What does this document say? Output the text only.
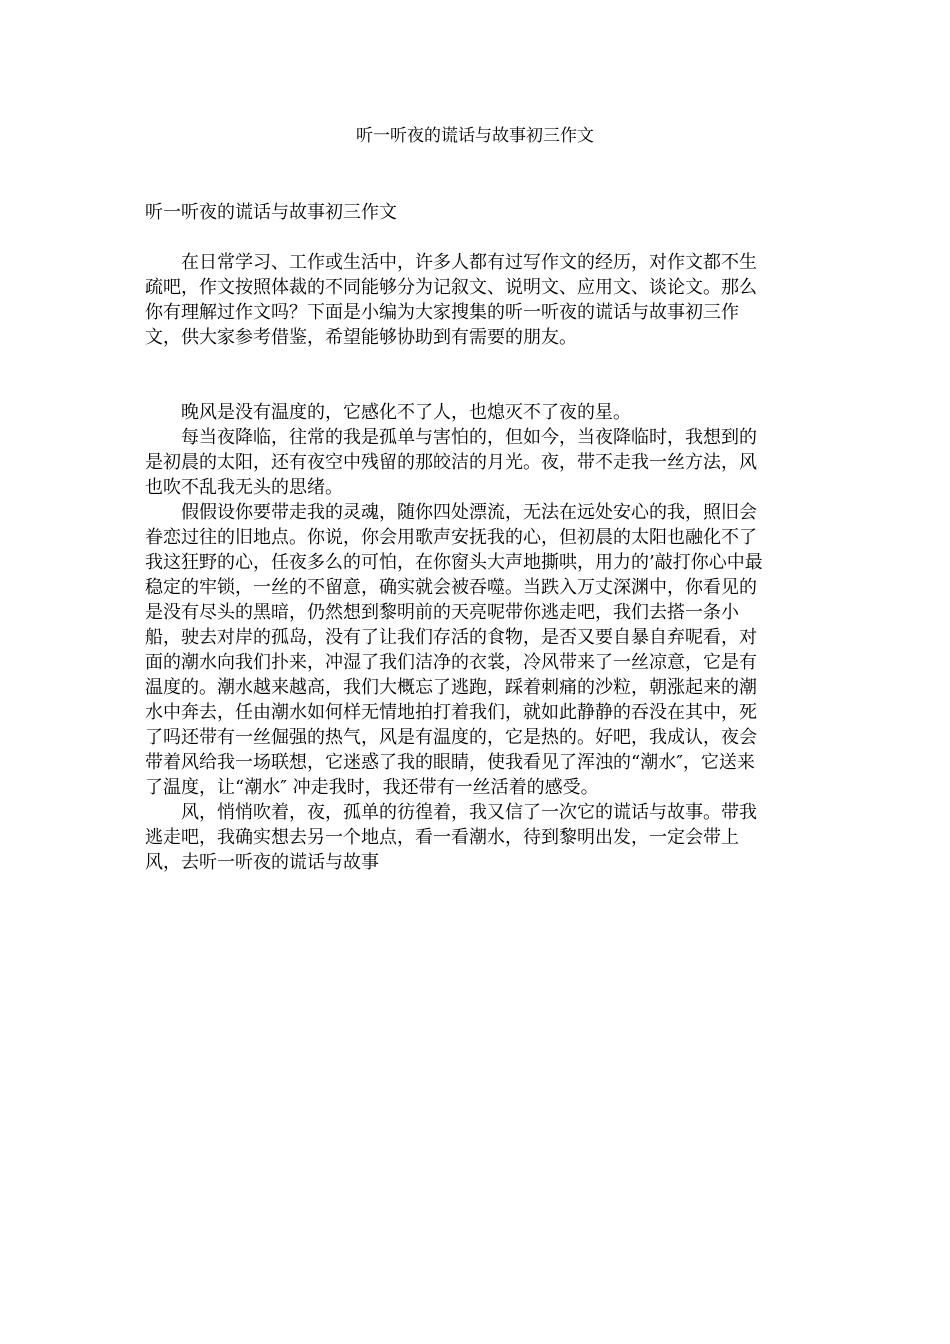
听一听夜的谎话与故事初三作文
听一听夜的谎话与故事初三作文
在日常学习、工作或生活中，许多人都有过写作文的经历，对作文都不生
疏吧，作文按照体裁的不同能够分为记叙文、说明文、应用文、谈论文。那么
你有理解过作文吗？下面是小编为大家搜集的听一听夜的谎话与故事初三作
文，供大家参考借鉴，希望能够协助到有需要的朋友。
晚风是没有温度的，它感化不了人，也熄灭不了夜的星。
每当夜降临，往常的我是孤单与害怕的，但如今，当夜降临时，我想到的
是初晨的太阳，还有夜空中残留的那皎洁的月光。夜，带不走我一丝方法，风
也吹不乱我无头的思绪。
假假设你要带走我的灵魂，随你四处漂流，无法在远处安心的我，照旧会
眷恋过往的旧地点。你说，你会用歌声安抚我的心，但初晨的太阳也融化不了
我这狂野的心，任夜多么的可怕，在你窗头大声地撕哄，用力的’敲打你心中最
稳定的牢锁，一丝的不留意，确实就会被吞噬。当跌入万丈深渊中，你看见的
是没有尽头的黑暗，仍然想到黎明前的天亮呢带你逃走吧，我们去搭一条小
船，驶去对岸的孤岛，没有了让我们存活的食物，是否又要自暴自弃呢看，对
面的潮水向我们扑来，冲湿了我们洁净的衣裳，冷风带来了一丝凉意，它是有
温度的。潮水越来越高，我们大概忘了逃跑，踩着刺痛的沙粒，朝涨起来的潮
水中奔去，任由潮水如何样无情地拍打着我们，就如此静静的吞没在其中，死
了吗还带有一丝倔强的热气，风是有温度的，它是热的。好吧，我成认，夜会
带着风给我一场联想，它迷惑了我的眼睛，使我看见了浑浊的“潮水″，它送来
了温度，让“潮水″ 冲走我时，我还带有一丝活着的感受。
风，悄悄吹着，夜，孤单的彷徨着，我又信了一次它的谎话与故事。带我
逃走吧，我确实想去另一个地点，看一看潮水，待到黎明出发，一定会带上
风，去听一听夜的谎话与故事
